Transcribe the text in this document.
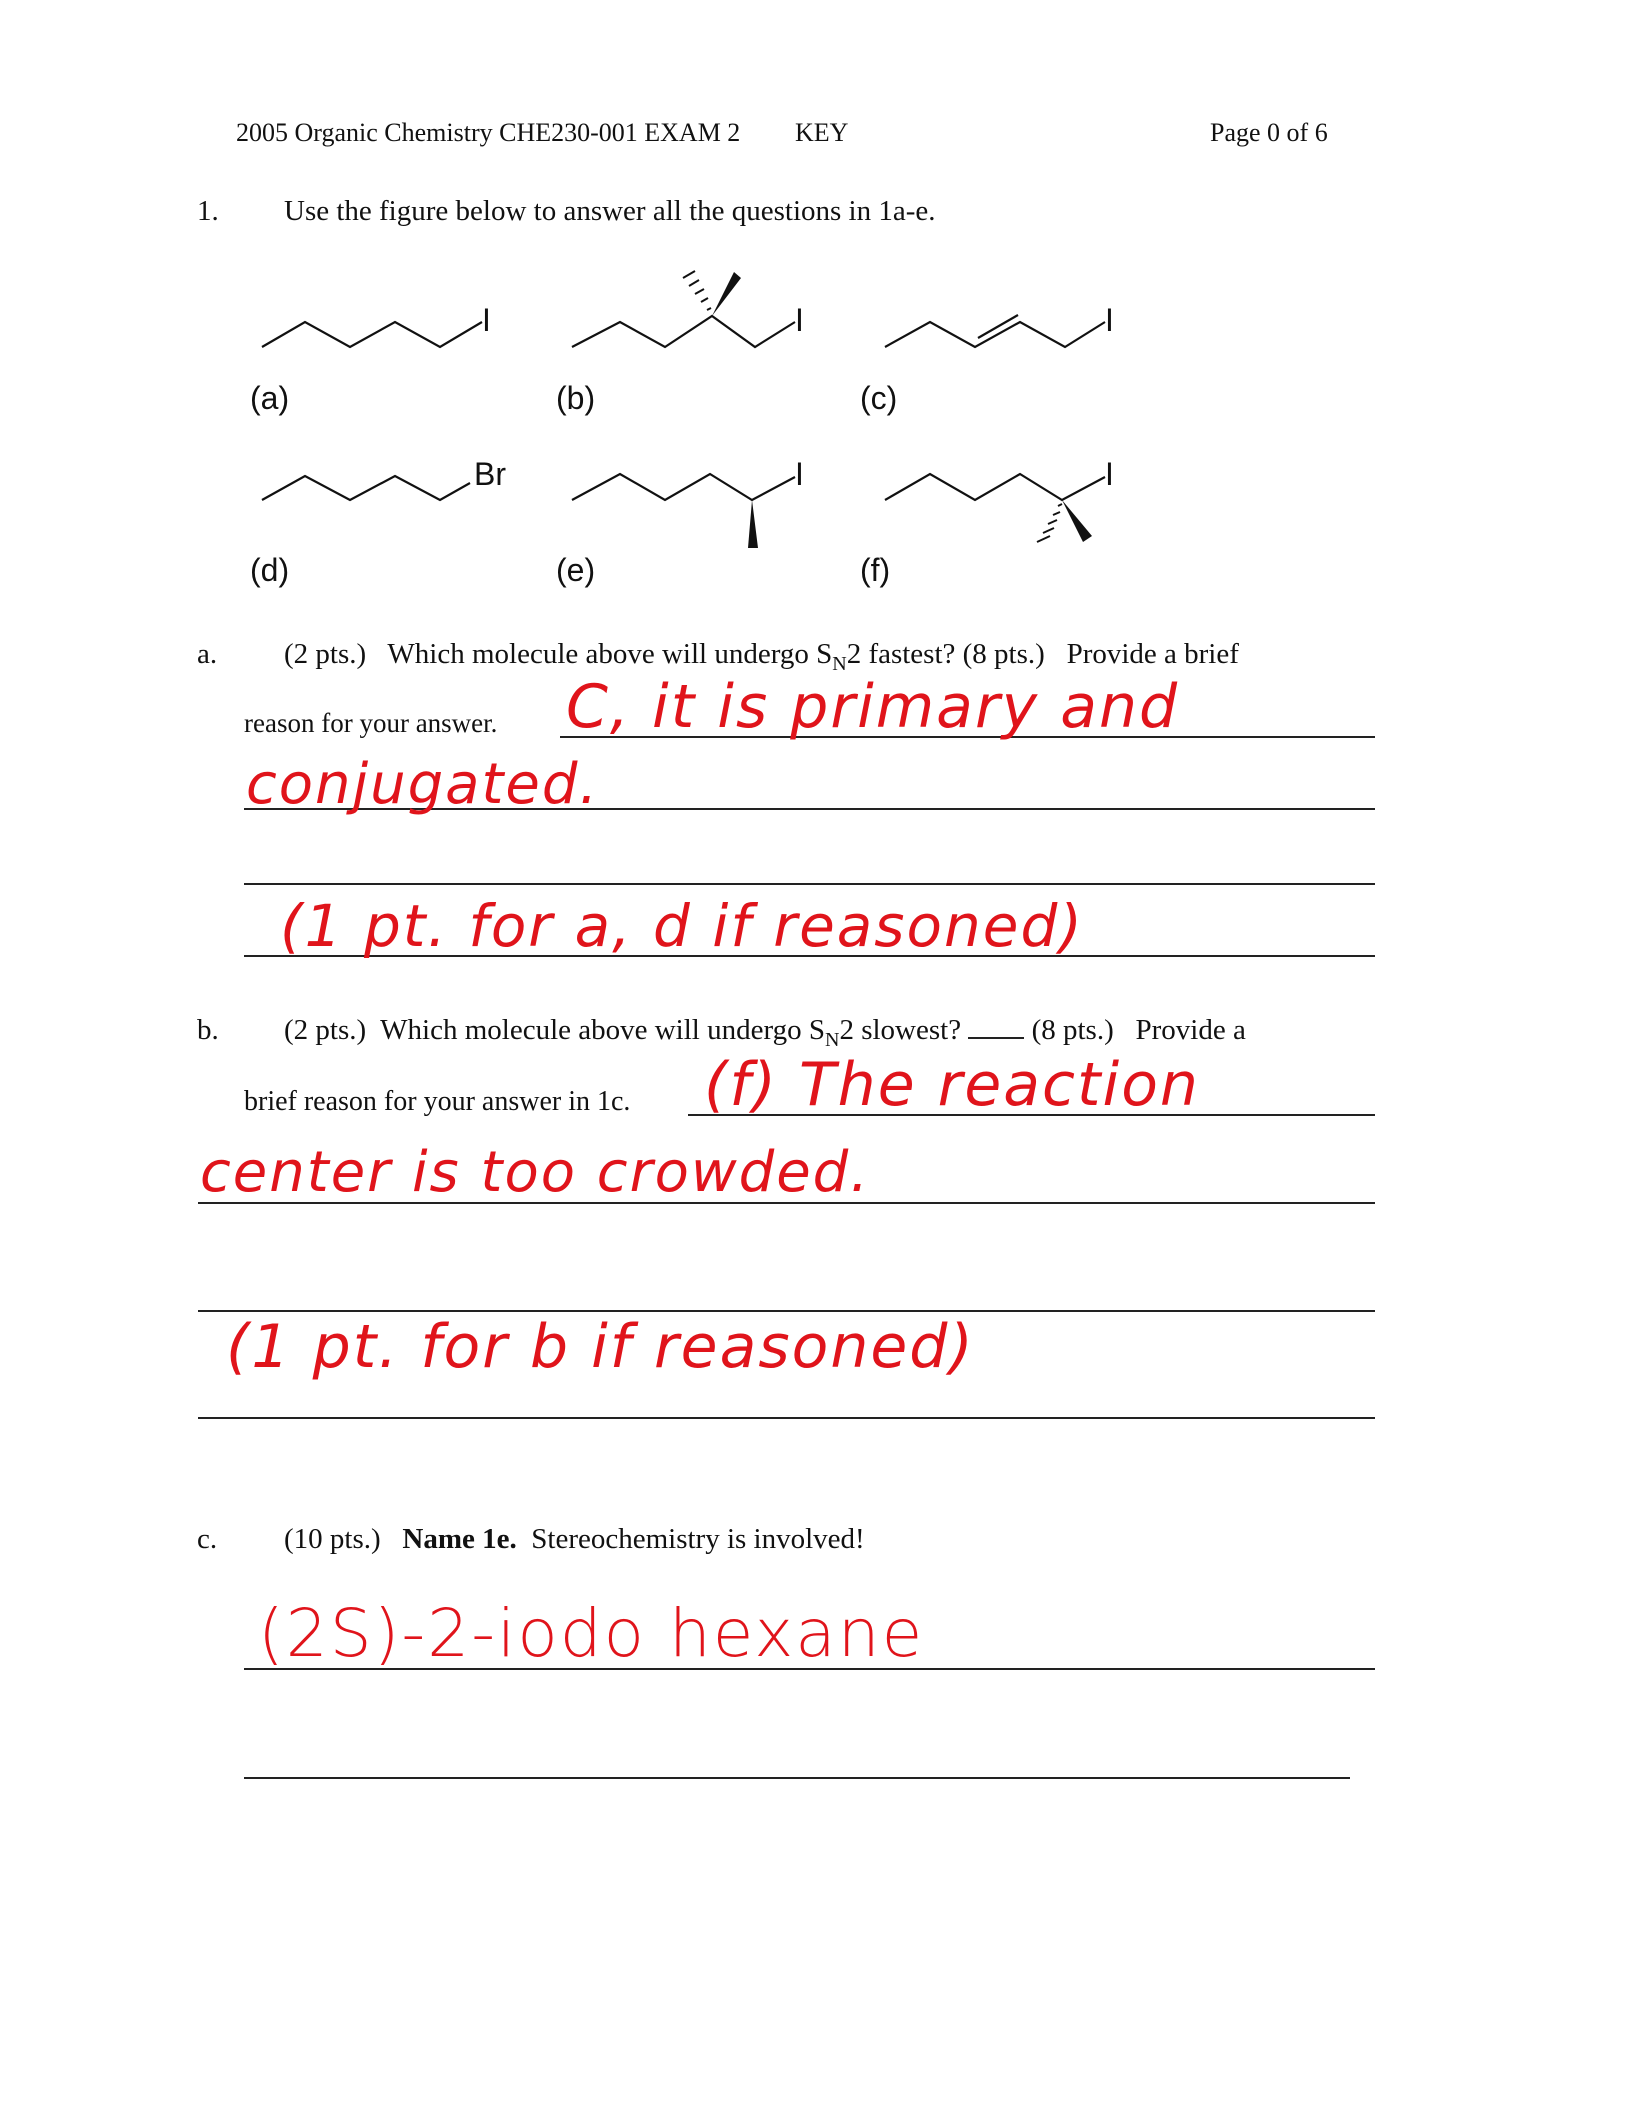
2005 Organic Chemistry CHE230-001 EXAM 2 KEY	Page 0 of 6
1. Use the figure below to answer all the questions in 1a-e.
I	I	I
Br	I	I
(a)	(b)	(c)
(d)	(e)	(f)
a. (2 pts.) Which molecule above will undergo $S_N2$ fastest? (8 pts.) Provide a brief
reason for your answer. C, it is primary and
conjugated.
(1 pt. for a, d if reasoned)
b. (2 pts.) Which molecule above will undergo $S_N2$ slowest? (8 pts.) Provide a
brief reason for your answer in 1c. (f) The reaction
center is too crowded.
(1 pt. for b if reasoned)
c. (10 pts.) Name 1e. Stereochemistry is involved!
(2S)-2-iodo hexane
